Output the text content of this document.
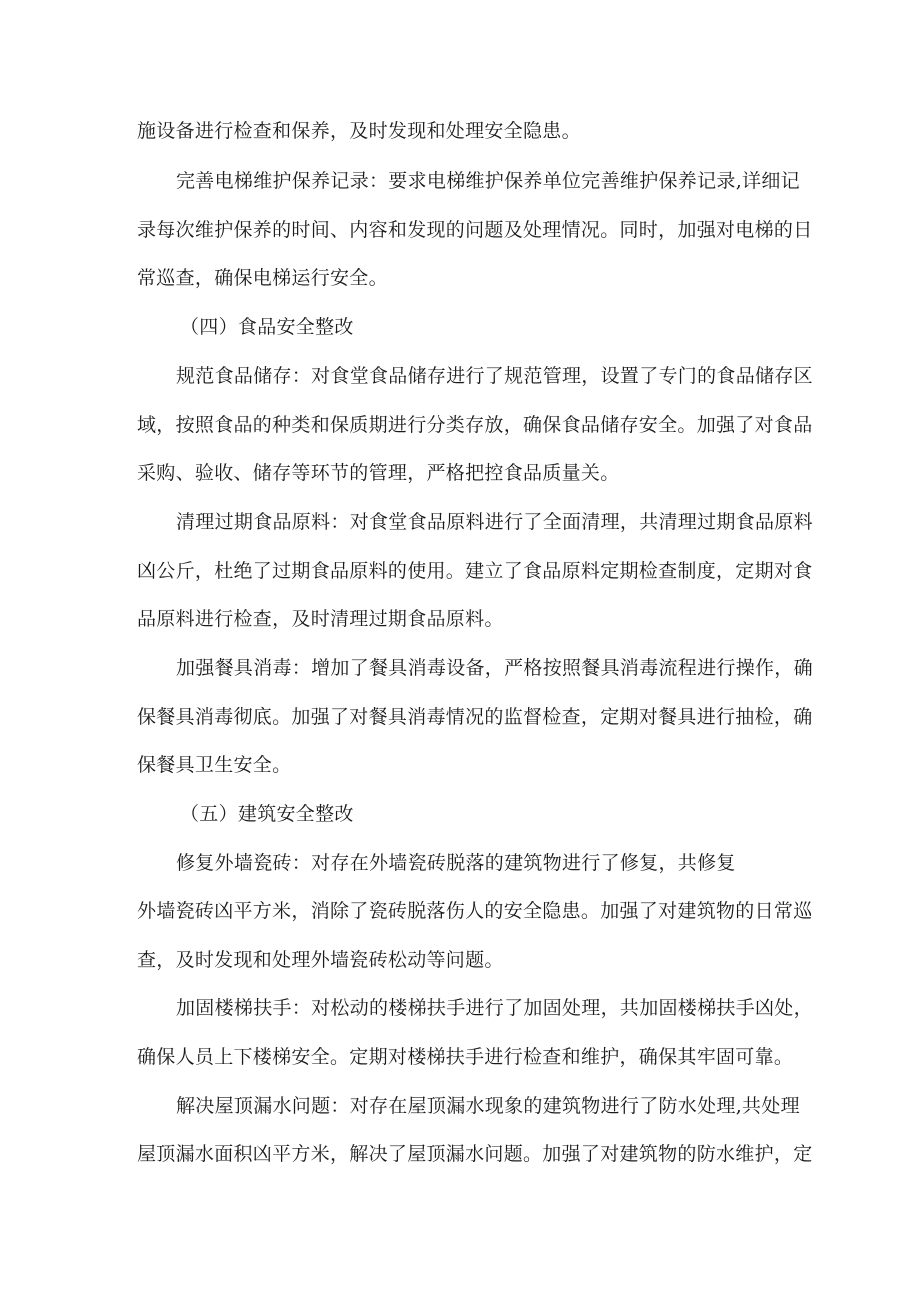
施设备进行检查和保养，及时发现和处理安全隐患。
完善电梯维护保养记录：要求电梯维护保养单位完善维护保养记录,详细记
录每次维护保养的时间、内容和发现的问题及处理情况。同时，加强对电梯的日
常巡查，确保电梯运行安全。
（四）食品安全整改
规范食品储存：对食堂食品储存进行了规范管理，设置了专门的食品储存区
域，按照食品的种类和保质期进行分类存放，确保食品储存安全。加强了对食品
采购、验收、储存等环节的管理，严格把控食品质量关。
清理过期食品原料：对食堂食品原料进行了全面清理，共清理过期食品原料
凶公斤，杜绝了过期食品原料的使用。建立了食品原料定期检查制度，定期对食
品原料进行检查，及时清理过期食品原料。
加强餐具消毒：增加了餐具消毒设备，严格按照餐具消毒流程进行操作，确
保餐具消毒彻底。加强了对餐具消毒情况的监督检查，定期对餐具进行抽检，确
保餐具卫生安全。
（五）建筑安全整改
修复外墙瓷砖：对存在外墙瓷砖脱落的建筑物进行了修复，共修复
外墙瓷砖凶平方米，消除了瓷砖脱落伤人的安全隐患。加强了对建筑物的日常巡
查，及时发现和处理外墙瓷砖松动等问题。
加固楼梯扶手：对松动的楼梯扶手进行了加固处理，共加固楼梯扶手凶处，
确保人员上下楼梯安全。定期对楼梯扶手进行检查和维护，确保其牢固可靠。
解决屋顶漏水问题：对存在屋顶漏水现象的建筑物进行了防水处理,共处理
屋顶漏水面积凶平方米，解决了屋顶漏水问题。加强了对建筑物的防水维护，定
